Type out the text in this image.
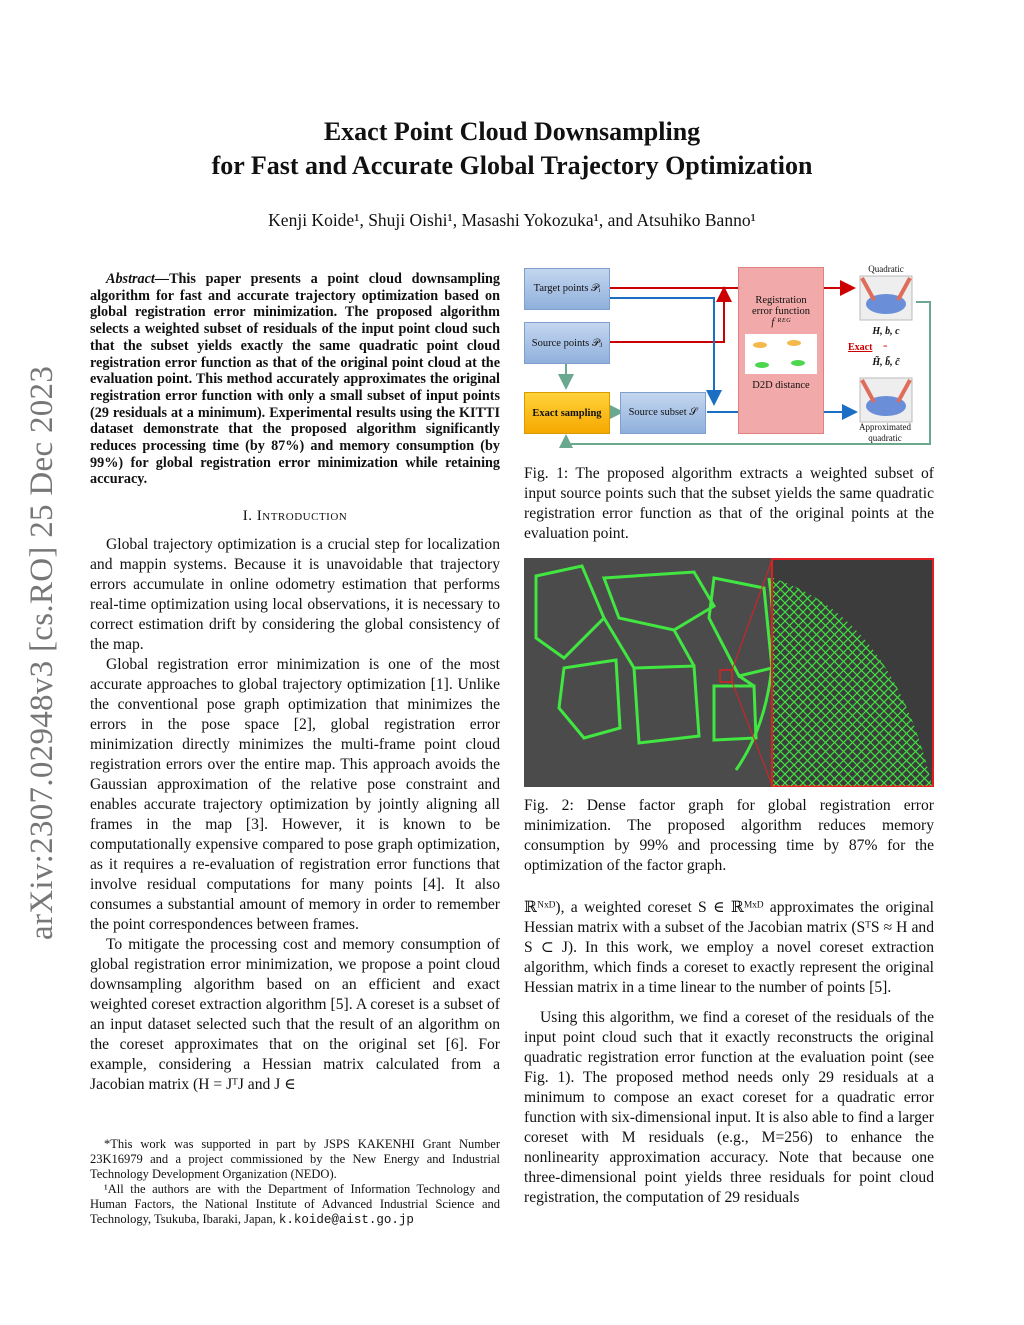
Exact Point Cloud Downsampling
for Fast and Accurate Global Trajectory Optimization
Kenji Koide¹, Shuji Oishi¹, Masashi Yokozuka¹, and Atsuhiko Banno¹
arXiv:2307.02948v3 [cs.RO] 25 Dec 2023
Abstract—This paper presents a point cloud downsampling algorithm for fast and accurate trajectory optimization based on global registration error minimization. The proposed algorithm selects a weighted subset of residuals of the input point cloud such that the subset yields exactly the same quadratic point cloud registration error function as that of the original point cloud at the evaluation point. This method accurately approximates the original registration error function with only a small subset of input points (29 residuals at a minimum). Experimental results using the KITTI dataset demonstrate that the proposed algorithm significantly reduces processing time (by 87%) and memory consumption (by 99%) for global registration error minimization while retaining accuracy.
I. Introduction

Global trajectory optimization is a crucial step for localization and mappin systems. Because it is unavoidable that trajectory errors accumulate in online odometry estimation that performs real-time optimization using local observations, it is necessary to correct estimation drift by considering the global consistency of the map.

Global registration error minimization is one of the most accurate approaches to global trajectory optimization [1]. Unlike the conventional pose graph optimization that minimizes the errors in the pose space [2], global registration error minimization directly minimizes the multi-frame point cloud registration errors over the entire map. This approach avoids the Gaussian approximation of the relative pose constraint and enables accurate trajectory optimization by jointly aligning all frames in the map [3]. However, it is known to be computationally expensive compared to pose graph optimization, as it requires a re-evaluation of registration error functions that involve residual computations for many points [4]. It also consumes a substantial amount of memory in order to remember the point correspondences between frames.

To mitigate the processing cost and memory consumption of global registration error minimization, we propose a point cloud downsampling algorithm based on an efficient and exact weighted coreset extraction algorithm [5]. A coreset is a subset of an input dataset selected such that the result of an algorithm on the coreset approximates that on the original set [6]. For example, considering a Hessian matrix calculated from a Jacobian matrix (H = JᵀJ and J ∈

*This work was supported in part by JSPS KAKENHI Grant Number 23K16979 and a project commissioned by the New Energy and Industrial Technology Development Organization (NEDO).

¹All the authors are with the Department of Information Technology and Human Factors, the National Institute of Advanced Industrial Science and Technology, Tsukuba, Ibaraki, Japan, k.koide@aist.go.jp

Target points 𝒫ᵢ
Source points 𝒫ⱼ
Exact sampling	Source subset 𝒮
Registration
error function
f ᴿᴱᴳ
D2D distance
Quadratic
H, b, c
Exact =
H̃, b̃, c̃
Approximated
quadratic
Fig. 1: The proposed algorithm extracts a weighted subset of input source points such that the subset yields the same quadratic registration error function as that of the original points at the evaluation point.
Fig. 2: Dense factor graph for global registration error minimization. The proposed algorithm reduces memory consumption by 99% and processing time by 87% for the optimization of the factor graph.

ℝᴺˣᴰ), a weighted coreset S ∈ ℝᴹˣᴰ approximates the original Hessian matrix with a subset of the Jacobian matrix (SᵀS ≈ H and S ⊂ J). In this work, we employ a novel coreset extraction algorithm, which finds a coreset to exactly represent the original Hessian matrix in a time linear to the number of points [5].

Using this algorithm, we find a coreset of the residuals of the input point cloud such that it exactly reconstructs the original quadratic registration error function at the evaluation point (see Fig. 1). The proposed method needs only 29 residuals at a minimum to compose an exact coreset for a quadratic error function with six-dimensional input. It is also able to find a larger coreset with M residuals (e.g., M=256) to enhance the nonlinearity approximation accuracy. Note that because one three-dimensional point yields three residuals for point cloud registration, the computation of 29 residuals
